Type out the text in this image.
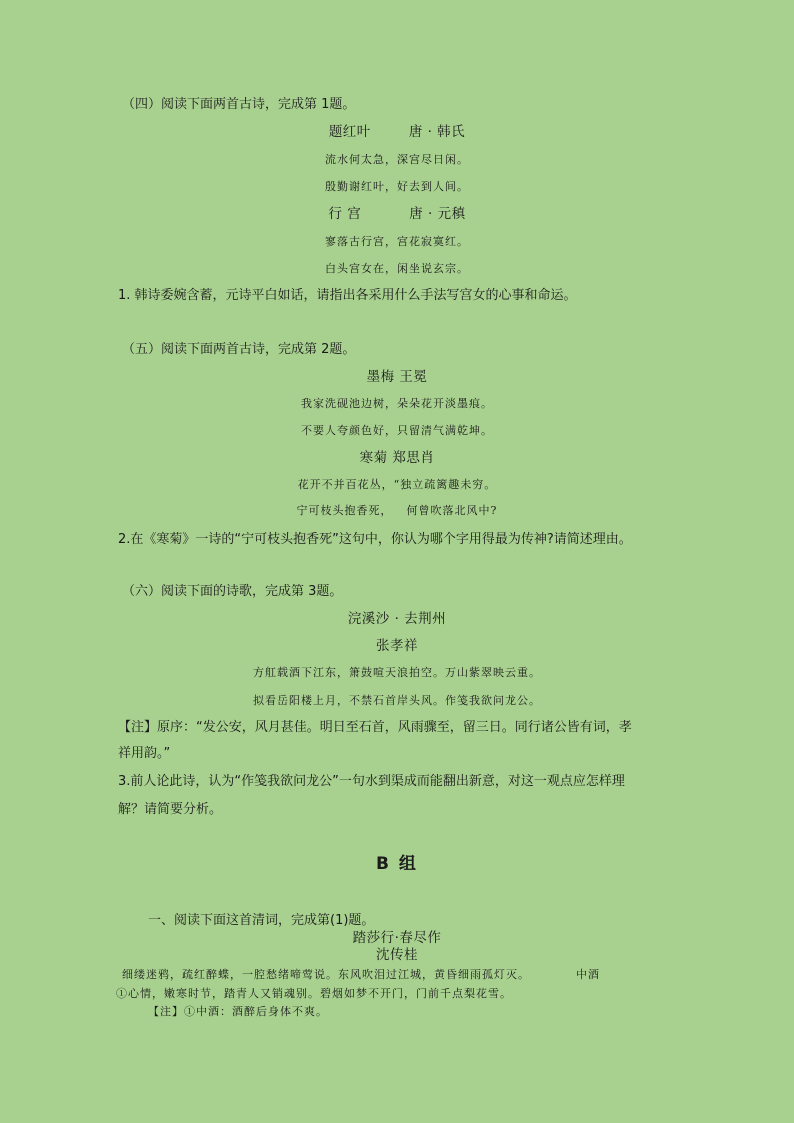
（四）阅读下面两首古诗，完成第 1题。
题红叶	唐 · 韩氏
流水何太急，深宫尽日闲。
殷勤谢红叶，好去到人间。
行 宫	唐 · 元稹
寥落古行宫，宫花寂寞红。
白头宫女在，闲坐说玄宗。
1. 韩诗委婉含蓄，元诗平白如话，请指出各采用什么手法写宫女的心事和命运。
（五）阅读下面两首古诗，完成第 2题。
墨梅 王冕
我家洗砚池边树，朵朵花开淡墨痕。
不要人夸颜色好，只留清气满乾坤。
寒菊 郑思肖
花开不并百花丛，“独立疏篱趣未穷。
宁可枝头抱香死， 何曾吹落北风中?
2.在《寒菊》一诗的“宁可枝头抱香死”这句中，你认为哪个字用得最为传神?请简述理由。
（六）阅读下面的诗歌，完成第 3题。
浣溪沙 · 去荆州
张孝祥
方舡载酒下江东，箫鼓喧天浪拍空。万山紫翠映云重。
拟看岳阳楼上月，不禁石首岸头风。作笺我欲问龙公。
【注】原序：“发公安，风月甚佳。明日至石首，风雨骤至，留三日。同行诸公皆有词，孝
祥用韵。”
3.前人论此诗，认为“作笺我欲问龙公”一句水到渠成而能翻出新意，对这一观点应怎样理
解？请简要分析。
B 组
一、阅读下面这首清词，完成第(1)题。
踏莎行·春尽作
沈传桂
细缕迷鸦，疏红醉蝶，一腔愁绪啼莺说。东风吹泪过江城，黄昏细雨孤灯灭。	中酒
①心情，嫩寒时节，踏青人又销魂别。碧烟如梦不开门，门前千点梨花雪。
【注】①中酒：酒醉后身体不爽。
